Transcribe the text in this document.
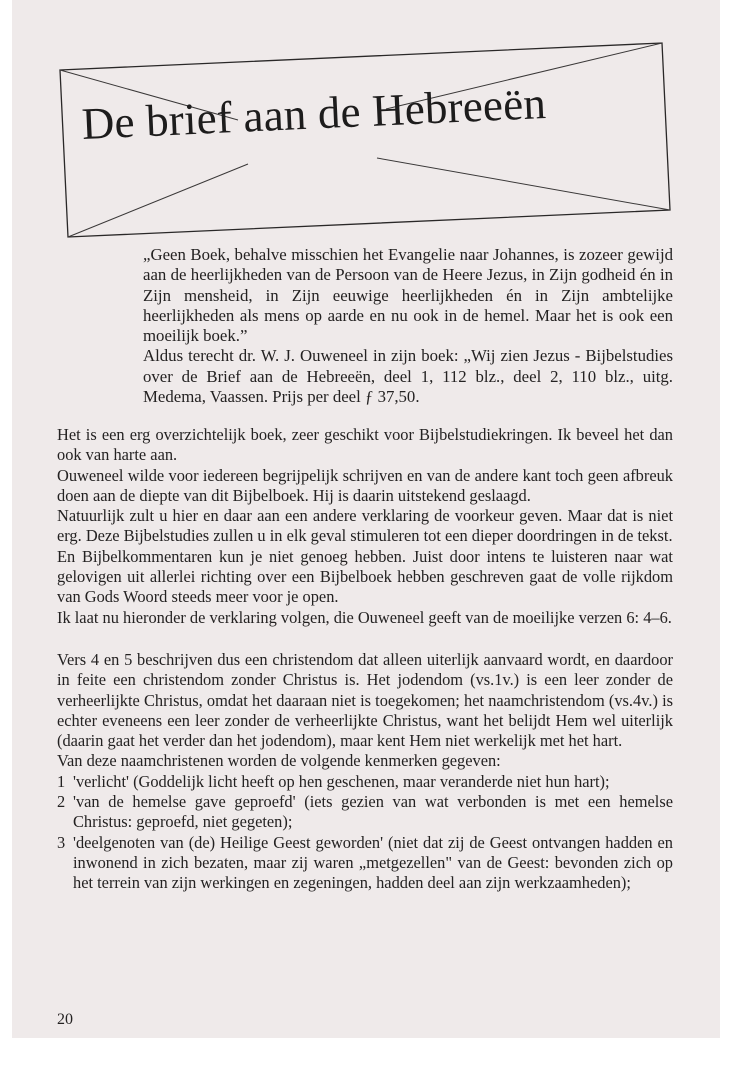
De brief aan de Hebreeën

„Geen Boek, behalve misschien het Evangelie naar Johannes, is zozeer gewijd aan de heerlijkheden van de Persoon van de Heere Jezus, in Zijn godheid én in Zijn mensheid, in Zijn eeuwige heerlijkheden én in Zijn ambtelijke heerlijkheden als mens op aarde en nu ook in de hemel. Maar het is ook een moeilijk boek.”

Aldus terecht dr. W. J. Ouweneel in zijn boek: „Wij zien Jezus - Bijbelstudies over de Brief aan de Hebreeën, deel 1, 112 blz., deel 2, 110 blz., uitg. Medema, Vaassen. Prijs per deel ƒ 37,50.

Het is een erg overzichtelijk boek, zeer geschikt voor Bijbelstudiekringen. Ik beveel het dan ook van harte aan.

Ouweneel wilde voor iedereen begrijpelijk schrijven en van de andere kant toch geen afbreuk doen aan de diepte van dit Bijbelboek. Hij is daarin uitstekend geslaagd.

Natuurlijk zult u hier en daar aan een andere verklaring de voorkeur geven. Maar dat is niet erg. Deze Bijbelstudies zullen u in elk geval stimuleren tot een dieper doordringen in de tekst.

En Bijbelkommentaren kun je niet genoeg hebben. Juist door intens te luisteren naar wat gelovigen uit allerlei richting over een Bijbelboek hebben geschreven gaat de volle rijkdom van Gods Woord steeds meer voor je open.

Ik laat nu hieronder de verklaring volgen, die Ouweneel geeft van de moeilijke verzen 6: 4–6.

Vers 4 en 5 beschrijven dus een christendom dat alleen uiterlijk aanvaard wordt, en daardoor in feite een christendom zonder Christus is. Het jodendom (vs.1v.) is een leer zonder de verheerlijkte Christus, omdat het daaraan niet is toegekomen; het naamchristendom (vs.4v.) is echter eveneens een leer zonder de verheerlijkte Christus, want het belijdt Hem wel uiterlijk (daarin gaat het verder dan het jodendom), maar kent Hem niet werkelijk met het hart.

Van deze naamchristenen worden de volgende kenmerken gegeven:

1 'verlicht' (Goddelijk licht heeft op hen geschenen, maar veranderde niet hun hart);
2 'van de hemelse gave geproefd' (iets gezien van wat verbonden is met een hemelse Christus: geproefd, niet gegeten);
3 'deelgenoten van (de) Heilige Geest geworden' (niet dat zij de Geest ontvangen hadden en inwonend in zich bezaten, maar zij waren „metgezellen" van de Geest: bevonden zich op het terrein van zijn werkingen en zegeningen, hadden deel aan zijn werkzaamheden);
20
